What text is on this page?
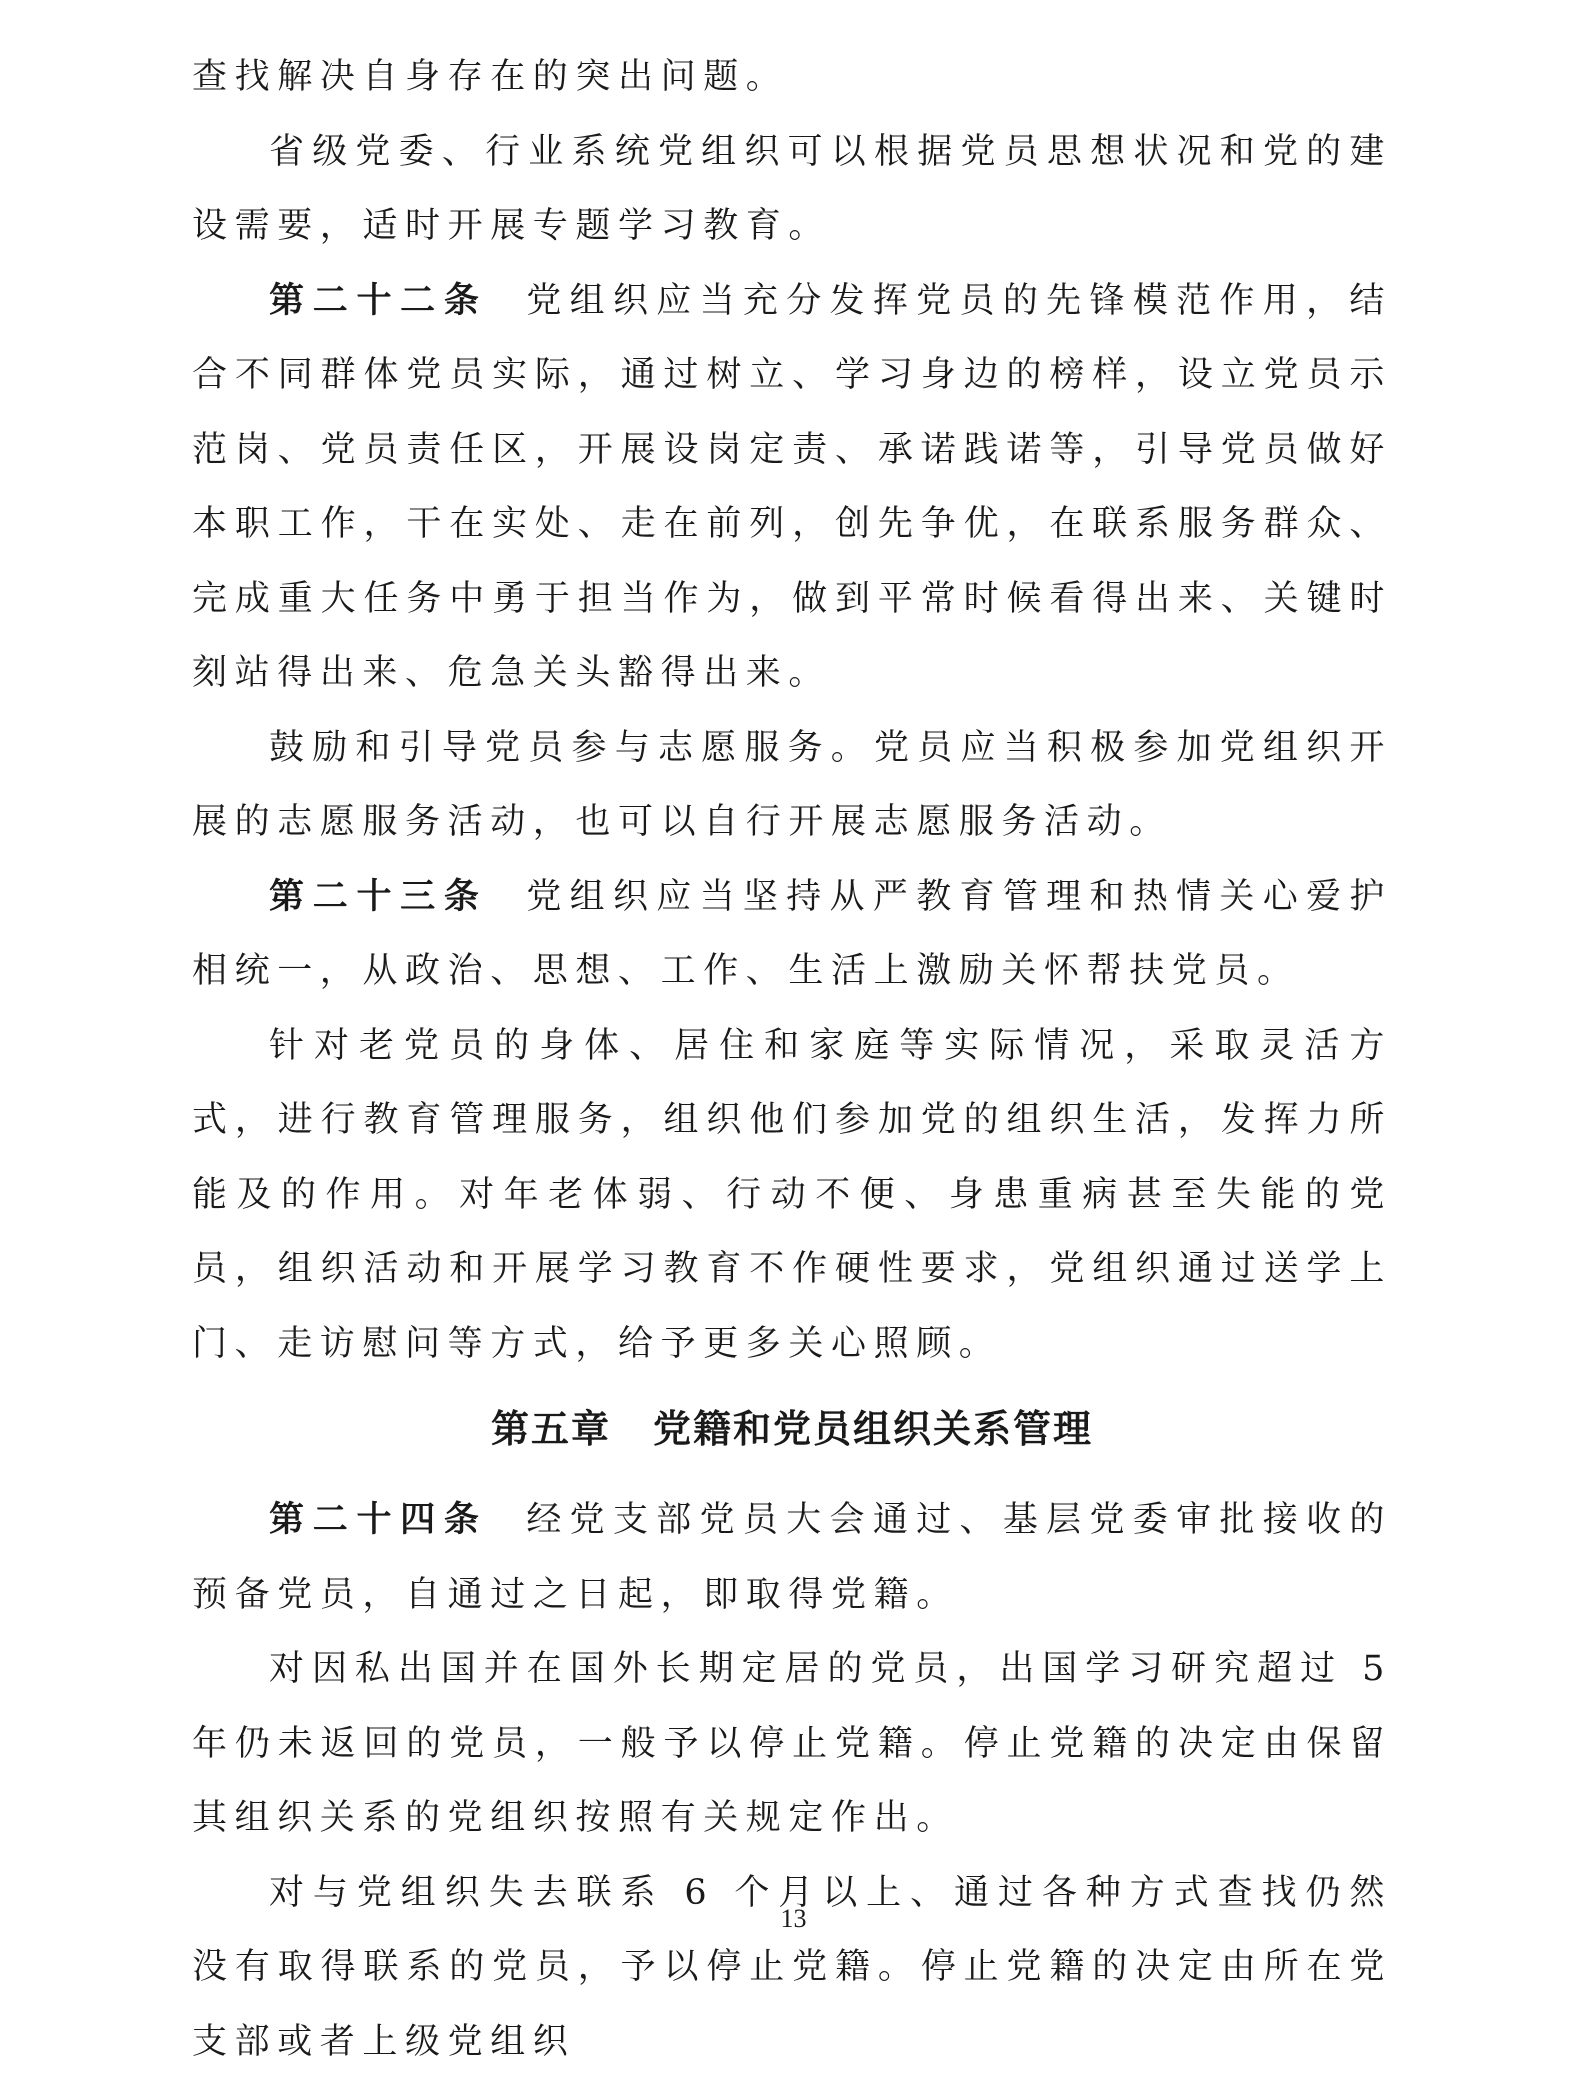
查找解决自身存在的突出问题。

省级党委、行业系统党组织可以根据党员思想状况和党的建设需要，适时开展专题学习教育。

第二十二条 党组织应当充分发挥党员的先锋模范作用，结合不同群体党员实际，通过树立、学习身边的榜样，设立党员示范岗、党员责任区，开展设岗定责、承诺践诺等，引导党员做好本职工作，干在实处、走在前列，创先争优，在联系服务群众、完成重大任务中勇于担当作为，做到平常时候看得出来、关键时刻站得出来、危急关头豁得出来。

鼓励和引导党员参与志愿服务。党员应当积极参加党组织开展的志愿服务活动，也可以自行开展志愿服务活动。

第二十三条 党组织应当坚持从严教育管理和热情关心爱护相统一，从政治、思想、工作、生活上激励关怀帮扶党员。

针对老党员的身体、居住和家庭等实际情况，采取灵活方式，进行教育管理服务，组织他们参加党的组织生活，发挥力所能及的作用。对年老体弱、行动不便、身患重病甚至失能的党员，组织活动和开展学习教育不作硬性要求，党组织通过送学上门、走访慰问等方式，给予更多关心照顾。

第五章 党籍和党员组织关系管理

第二十四条 经党支部党员大会通过、基层党委审批接收的预备党员，自通过之日起，即取得党籍。

对因私出国并在国外长期定居的党员，出国学习研究超过 5 年仍未返回的党员，一般予以停止党籍。停止党籍的决定由保留其组织关系的党组织按照有关规定作出。

对与党组织失去联系 6 个月以上、通过各种方式查找仍然没有取得联系的党员，予以停止党籍。停止党籍的决定由所在党支部或者上级党组织

13
